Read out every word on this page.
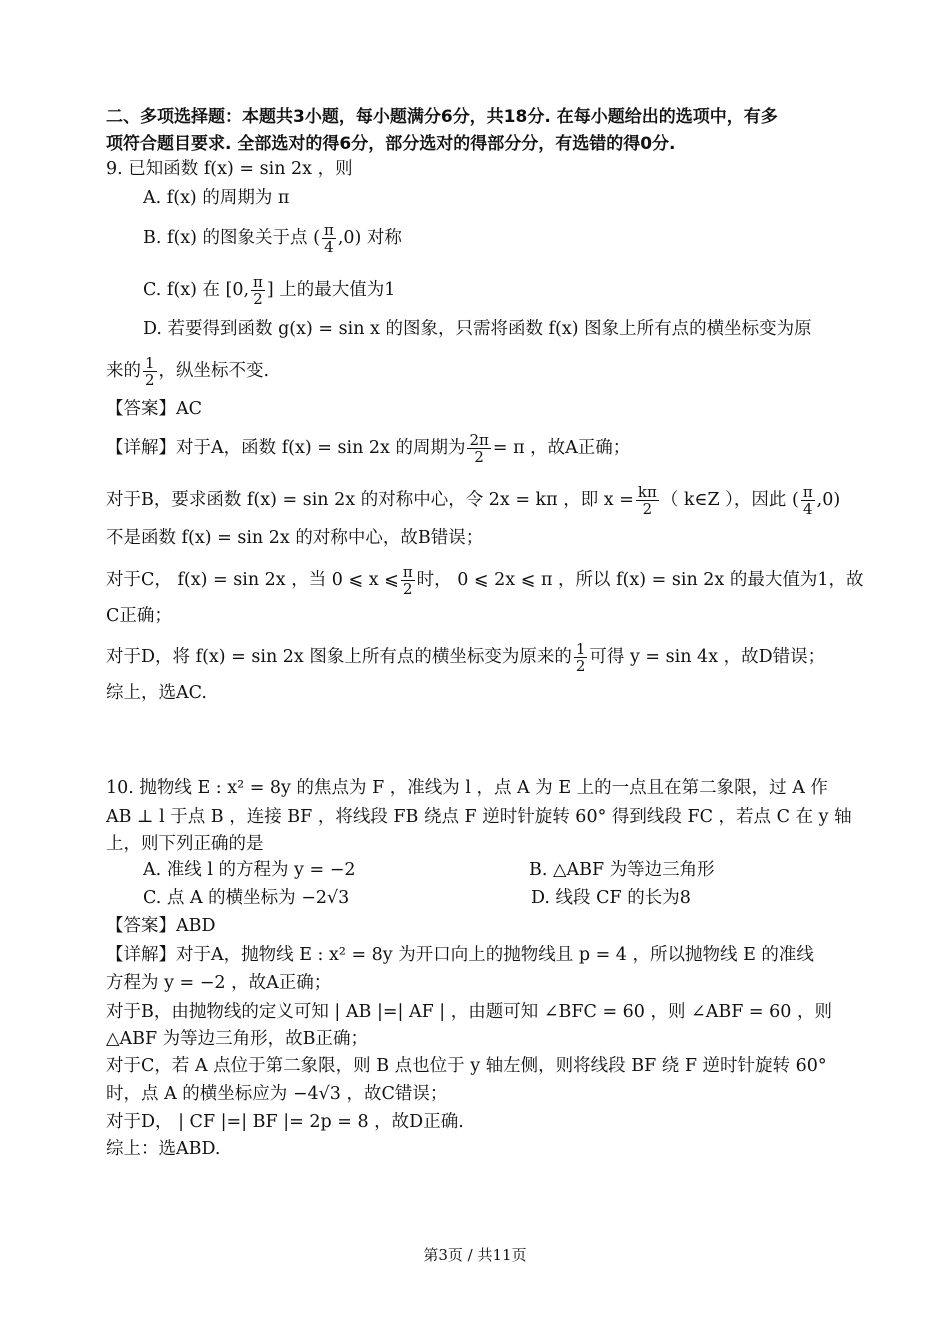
二、多项选择题：本题共3小题，每小题满分6分，共18分. 在每小题给出的选项中，有多
项符合题目要求. 全部选对的得6分，部分选对的得部分分，有选错的得0分.
9. 已知函数 f(x) = sin 2x ，则
A. f(x) 的周期为 π
B. f(x) 的图象关于点 ( $\frac{\pi}{4} ,0$) 对称
C. f(x) 在 [0, $\frac{\pi}{2}$ ] 上的最大值为1
D. 若要得到函数 g(x) = sin x 的图象，只需将函数 f(x) 图象上所有点的横坐标变为原
来的 $\frac{1}{2}$ ，纵坐标不变.
【答案】AC
【详解】对于A，函数 f(x) = sin 2x 的周期为 $\frac{2\pi}{2} = \pi$ ，故A正确；
对于B，要求函数 f(x) = sin 2x 的对称中心，令 2x = kπ ，即 $x = \frac{k\pi}{2}$ （ k∈Z ），因此 ( $\frac{\pi}{4} ,0$)
不是函数 f(x) = sin 2x 的对称中心，故B错误；
对于C， f(x) = sin 2x ，当 0 ⩽ x ⩽ $\frac{\pi}{2}$ 时， 0 ⩽ 2x ⩽ π ，所以 f(x) = sin 2x 的最大值为1，故
C正确；
对于D，将 f(x) = sin 2x 图象上所有点的横坐标变为原来的 $\frac{1}{2}$ 可得 y = sin 4x ，故D错误；
综上，选AC.
10. 抛物线 E : x² = 8y 的焦点为 F ，准线为 l ，点 A 为 E 上的一点且在第二象限，过 A 作
AB ⊥ l 于点 B ，连接 BF ，将线段 FB 绕点 F 逆时针旋转 60° 得到线段 FC ，若点 C 在 y 轴
上，则下列正确的是
A. 准线 l 的方程为 y = −2	B. △ABF 为等边三角形
C. 点 A 的横坐标为 −2√3	D. 线段 CF 的长为8
【答案】ABD
【详解】对于A，抛物线 E : x² = 8y 为开口向上的抛物线且 p = 4 ，所以抛物线 E 的准线
方程为 y = −2 ，故A正确；
对于B，由抛物线的定义可知 | AB |=| AF | ，由题可知 ∠BFC = 60 ，则 ∠ABF = 60 ，则
△ABF 为等边三角形，故B正确；
对于C，若 A 点位于第二象限，则 B 点也位于 y 轴左侧，则将线段 BF 绕 F 逆时针旋转 60°
时，点 A 的横坐标应为 −4√3 ，故C错误；
对于D， | CF |=| BF |= 2p = 8 ，故D正确.
综上：选ABD.
第3页 / 共11页
